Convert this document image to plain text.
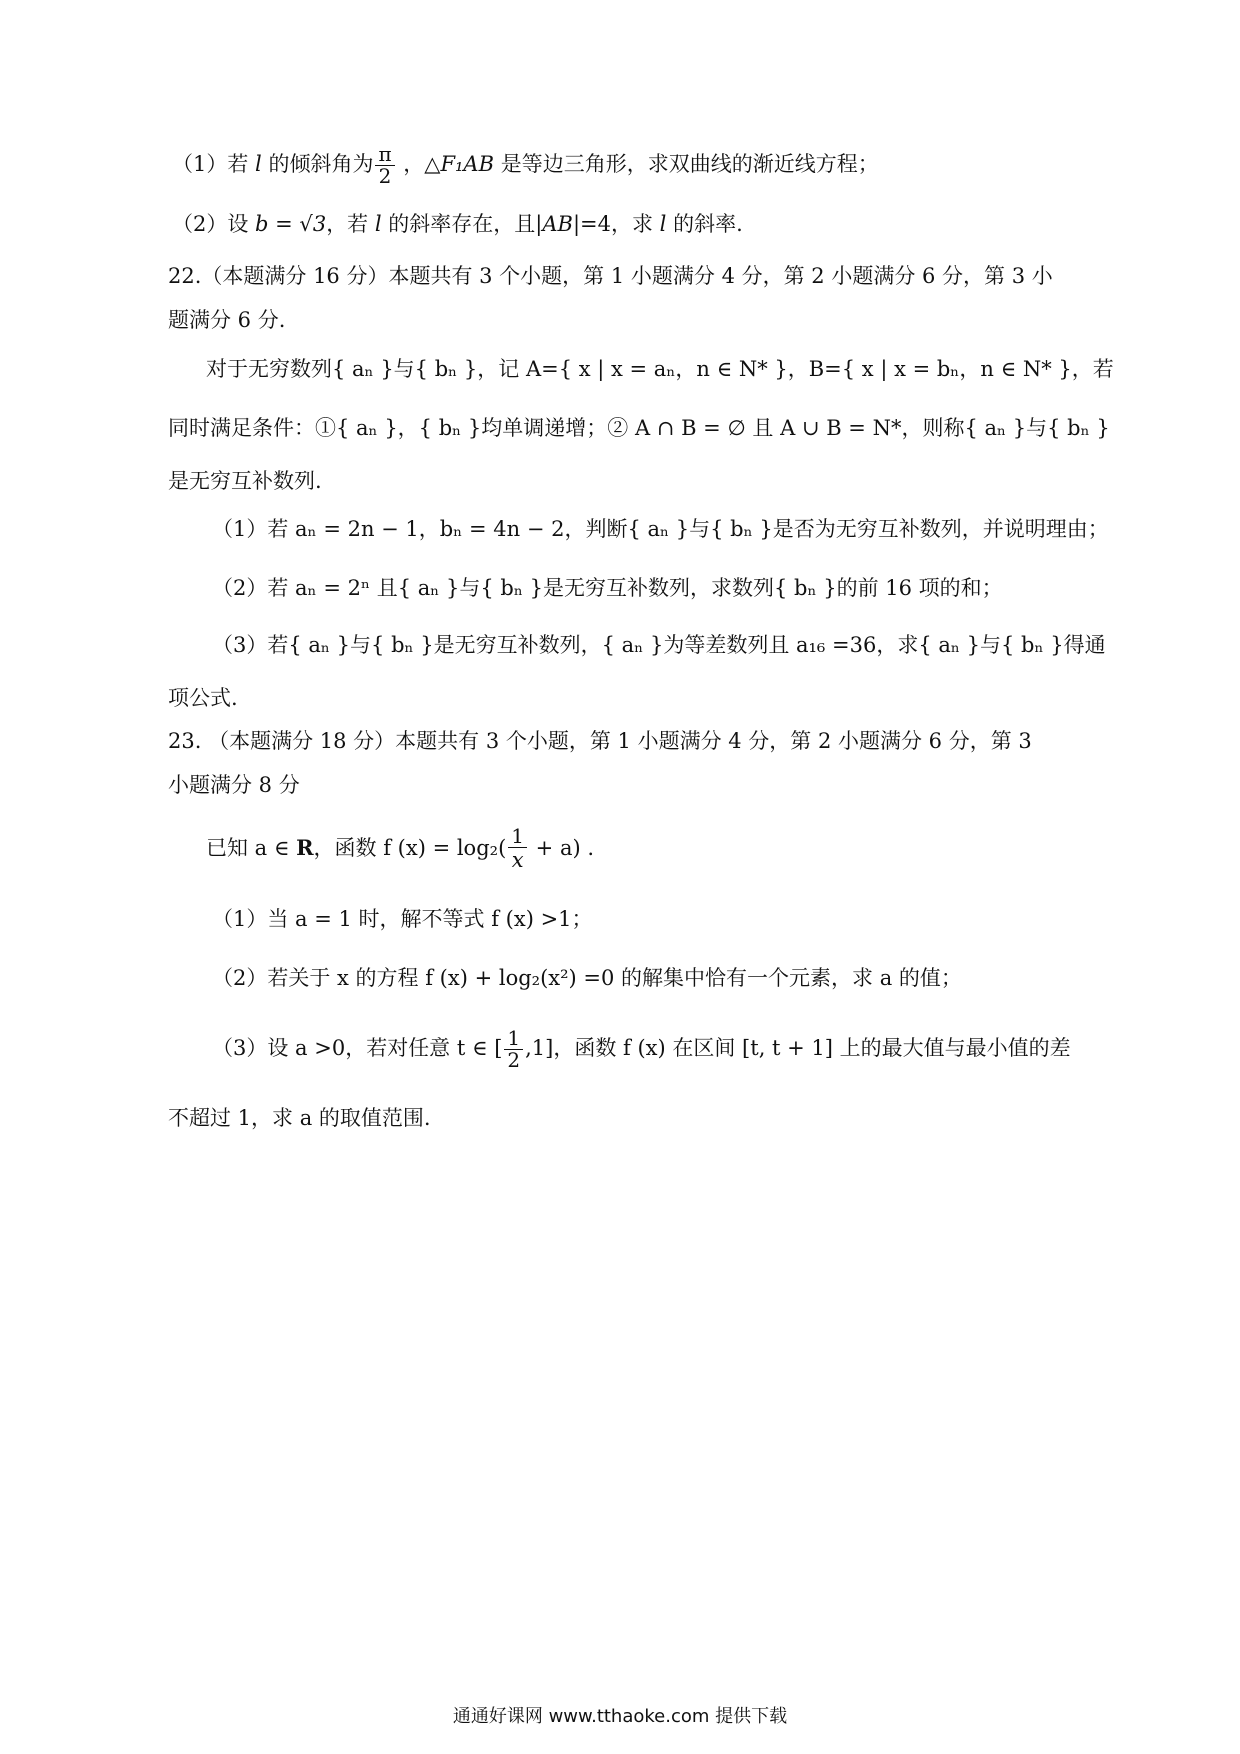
（1）若 l 的倾斜角为 $\frac{\pi}{2}$ ，△F₁AB 是等边三角形，求双曲线的渐近线方程；
（2）设 b = √3，若 l 的斜率存在，且|AB|=4，求 l 的斜率.
22.（本题满分 16 分）本题共有 3 个小题，第 1 小题满分 4 分，第 2 小题满分 6 分，第 3 小
题满分 6 分.
对于无穷数列{ aₙ }与{ bₙ }，记 A={ x | x = aₙ，n ∈ N* }，B={ x | x = bₙ，n ∈ N* }，若
同时满足条件：①{ aₙ }，{ bₙ }均单调递增；② A ∩ B = ∅ 且 A ∪ B = N*，则称{ aₙ }与{ bₙ }
是无穷互补数列.
（1）若 aₙ = 2n − 1，bₙ = 4n − 2，判断{ aₙ }与{ bₙ }是否为无穷互补数列，并说明理由；
（2）若 aₙ = 2ⁿ 且{ aₙ }与{ bₙ }是无穷互补数列，求数列{ bₙ }的前 16 项的和；
（3）若{ aₙ }与{ bₙ }是无穷互补数列，{ aₙ }为等差数列且 a₁₆ =36，求{ aₙ }与{ bₙ }得通
项公式.
23. （本题满分 18 分）本题共有 3 个小题，第 1 小题满分 4 分，第 2 小题满分 6 分，第 3
小题满分 8 分
已知 a ∈ R，函数 f $(x) = \log_2( \frac{1}{x} + a)$ .
（1）当 a = 1 时，解不等式 f (x) >1；
（2）若关于 x 的方程 f (x) + log₂(x²) =0 的解集中恰有一个元素，求 a 的值；
（3）设 a >0，若对任意 t ∈ [ $\frac{1}{2} ,1$]，函数 f (x) 在区间 [t, t + 1] 上的最大值与最小值的差
不超过 1，求 a 的取值范围.
通通好课网 www.tthaoke.com 提供下载
